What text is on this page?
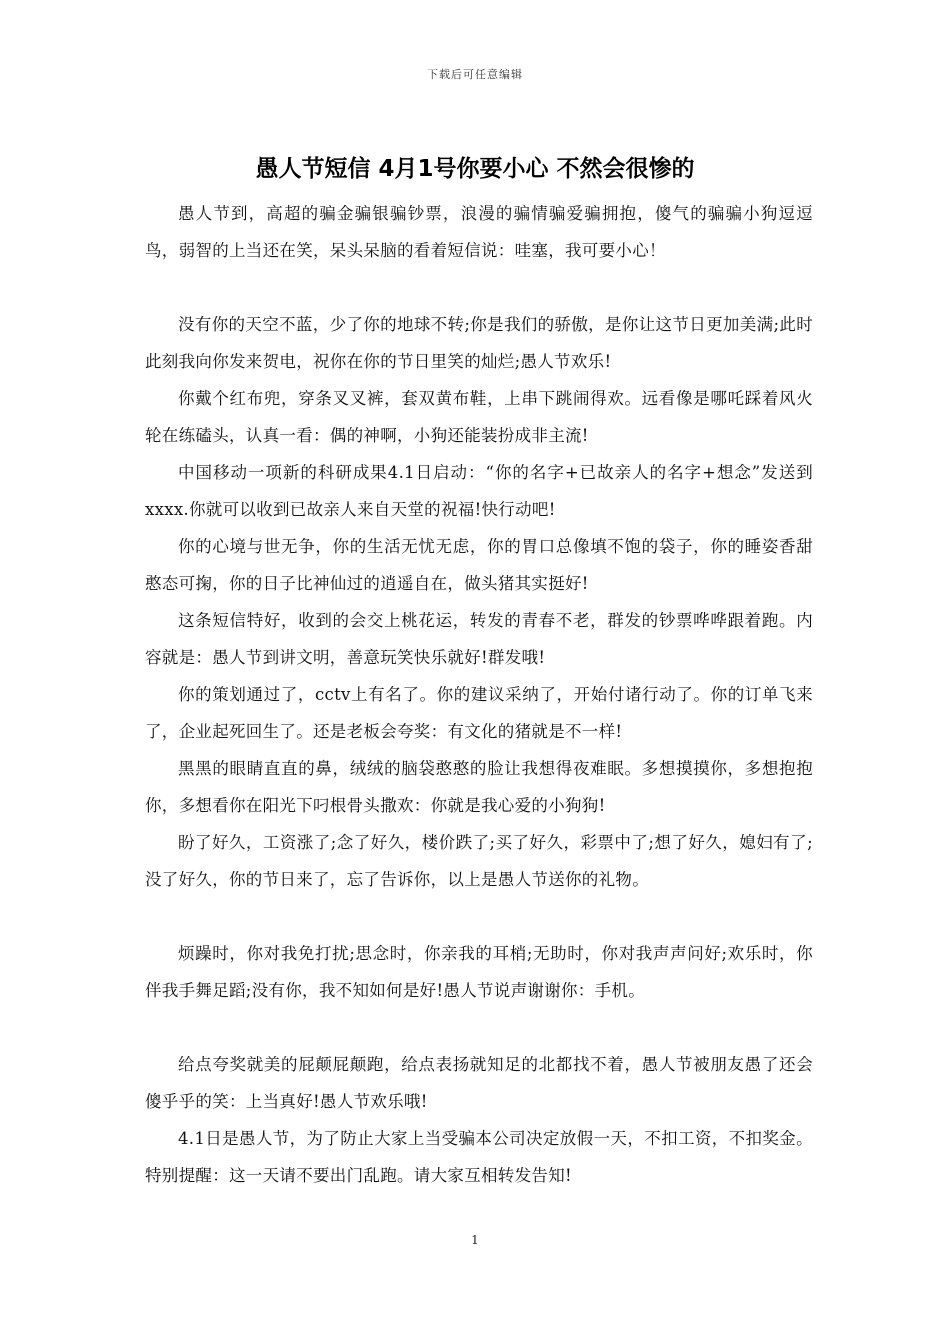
下载后可任意编辑
愚人节短信 4月1号你要小心 不然会很惨的

愚人节到，高超的骗金骗银骗钞票，浪漫的骗情骗爱骗拥抱，傻气的骗骗小狗逗逗鸟，弱智的上当还在笑，呆头呆脑的看着短信说：哇塞，我可要小心！

没有你的天空不蓝，少了你的地球不转;你是我们的骄傲，是你让这节日更加美满;此时此刻我向你发来贺电，祝你在你的节日里笑的灿烂;愚人节欢乐!

你戴个红布兜，穿条叉叉裤，套双黄布鞋，上串下跳闹得欢。远看像是哪吒踩着风火轮在练磕头，认真一看：偶的神啊，小狗还能装扮成非主流!

中国移动一项新的科研成果4.1日启动：“你的名字+已故亲人的名字+想念”发送到xxxx.你就可以收到已故亲人来自天堂的祝福!快行动吧!

你的心境与世无争，你的生活无忧无虑，你的胃口总像填不饱的袋子，你的睡姿香甜憨态可掬，你的日子比神仙过的逍遥自在，做头猪其实挺好!

这条短信特好，收到的会交上桃花运，转发的青春不老，群发的钞票哗哗跟着跑。内容就是：愚人节到讲文明，善意玩笑快乐就好!群发哦!

你的策划通过了，cctv上有名了。你的建议采纳了，开始付诸行动了。你的订单飞来了，企业起死回生了。还是老板会夸奖：有文化的猪就是不一样!

黑黑的眼睛直直的鼻，绒绒的脑袋憨憨的脸让我想得夜难眠。多想摸摸你，多想抱抱你，多想看你在阳光下叼根骨头撒欢：你就是我心爱的小狗狗!

盼了好久，工资涨了;念了好久，楼价跌了;买了好久，彩票中了;想了好久，媳妇有了;没了好久，你的节日来了，忘了告诉你，以上是愚人节送你的礼物。

烦躁时，你对我免打扰;思念时，你亲我的耳梢;无助时，你对我声声问好;欢乐时，你伴我手舞足蹈;没有你，我不知如何是好!愚人节说声谢谢你：手机。

给点夸奖就美的屁颠屁颠跑，给点表扬就知足的北都找不着，愚人节被朋友愚了还会傻乎乎的笑：上当真好!愚人节欢乐哦!

4.1日是愚人节，为了防止大家上当受骗本公司决定放假一天，不扣工资，不扣奖金。特别提醒：这一天请不要出门乱跑。请大家互相转发告知!

1
